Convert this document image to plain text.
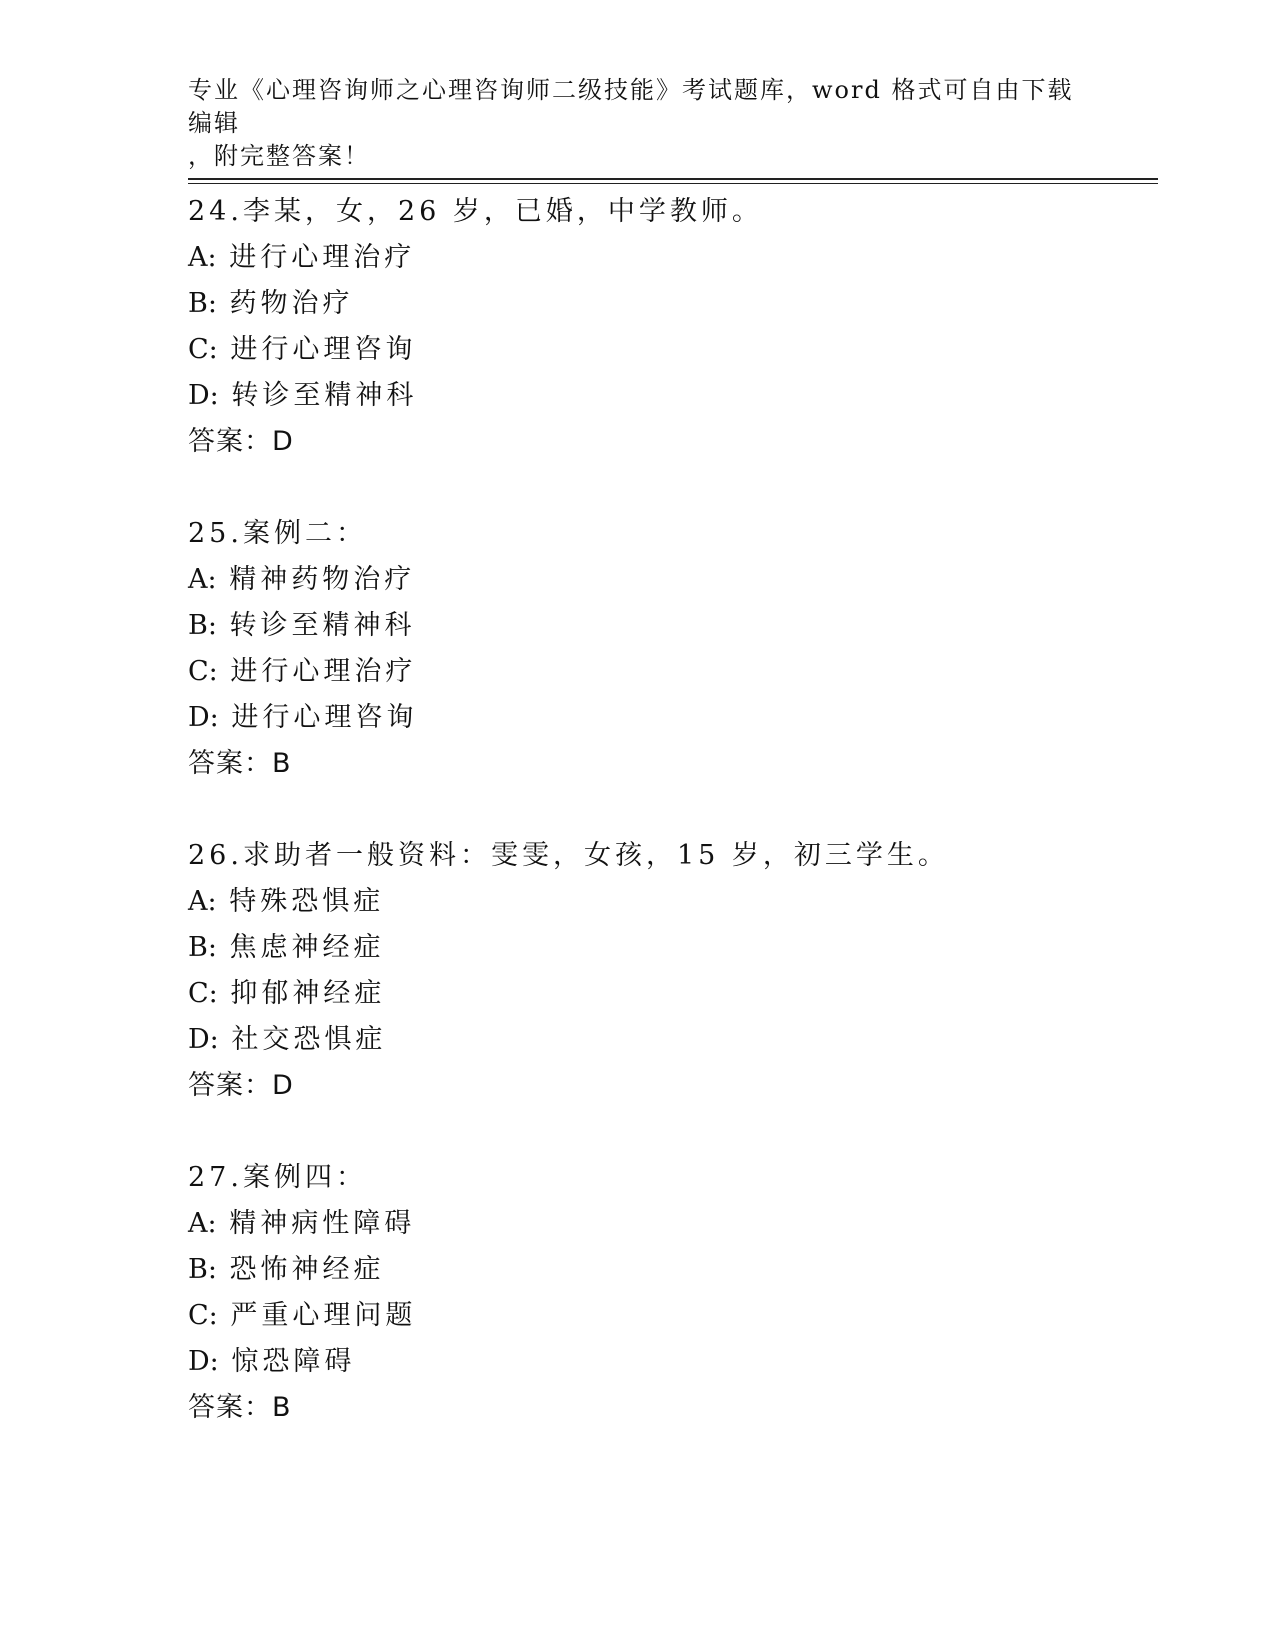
专业《心理咨询师之心理咨询师二级技能》考试题库，word 格式可自由下载编辑
，附完整答案！
24.李某，女，26 岁，已婚，中学教师。
A: 进行心理治疗
B: 药物治疗
C: 进行心理咨询
D: 转诊至精神科
答案：D
25.案例二：
A: 精神药物治疗
B: 转诊至精神科
C: 进行心理治疗
D: 进行心理咨询
答案：B
26.求助者一般资料：雯雯，女孩，15 岁，初三学生。
A: 特殊恐惧症
B: 焦虑神经症
C: 抑郁神经症
D: 社交恐惧症
答案：D
27.案例四：
A: 精神病性障碍
B: 恐怖神经症
C: 严重心理问题
D: 惊恐障碍
答案：B
